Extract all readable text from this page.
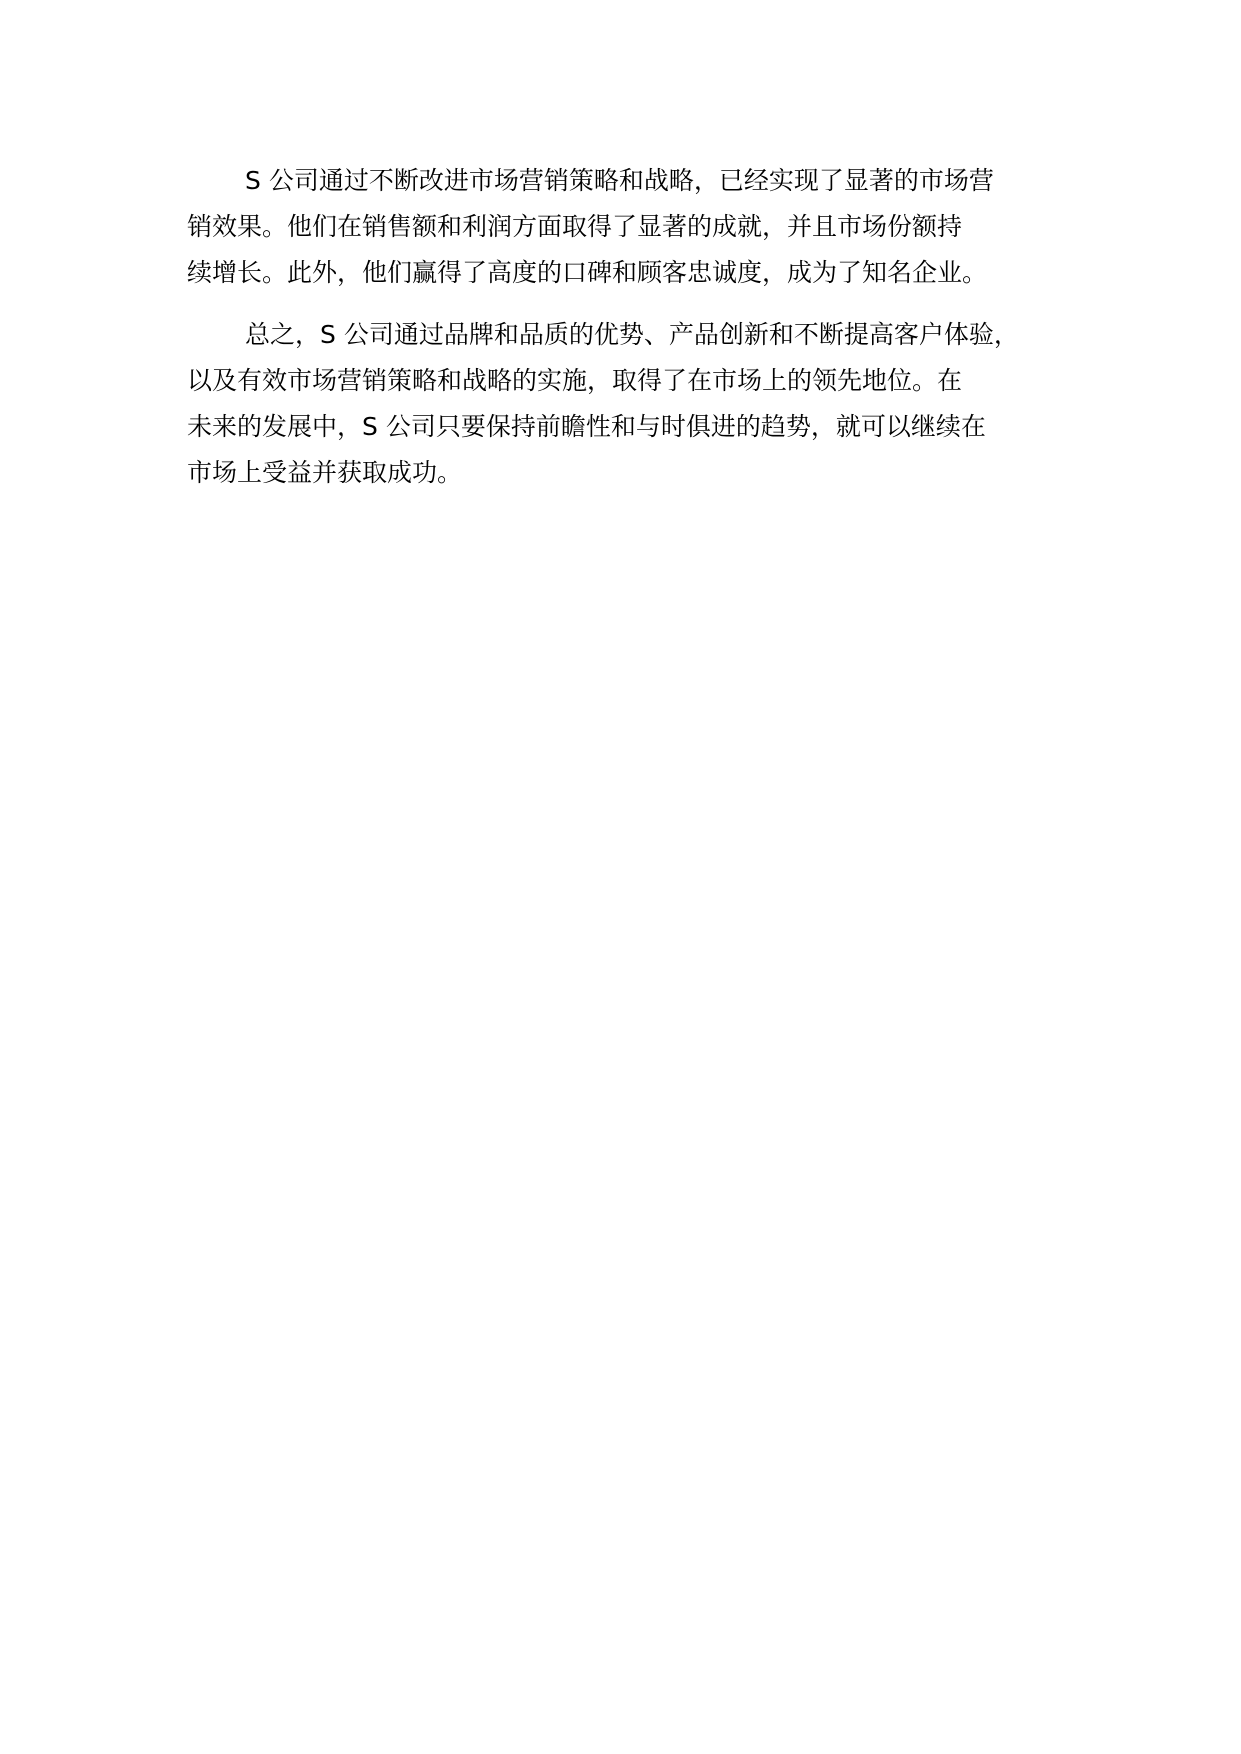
S 公司通过不断改进市场营销策略和战略，已经实现了显著的市场营
销效果。他们在销售额和利润方面取得了显著的成就，并且市场份额持
续增长。此外，他们赢得了高度的口碑和顾客忠诚度，成为了知名企业。

总之，S 公司通过品牌和品质的优势、产品创新和不断提高客户体验，
以及有效市场营销策略和战略的实施，取得了在市场上的领先地位。在
未来的发展中，S 公司只要保持前瞻性和与时俱进的趋势，就可以继续在
市场上受益并获取成功。
